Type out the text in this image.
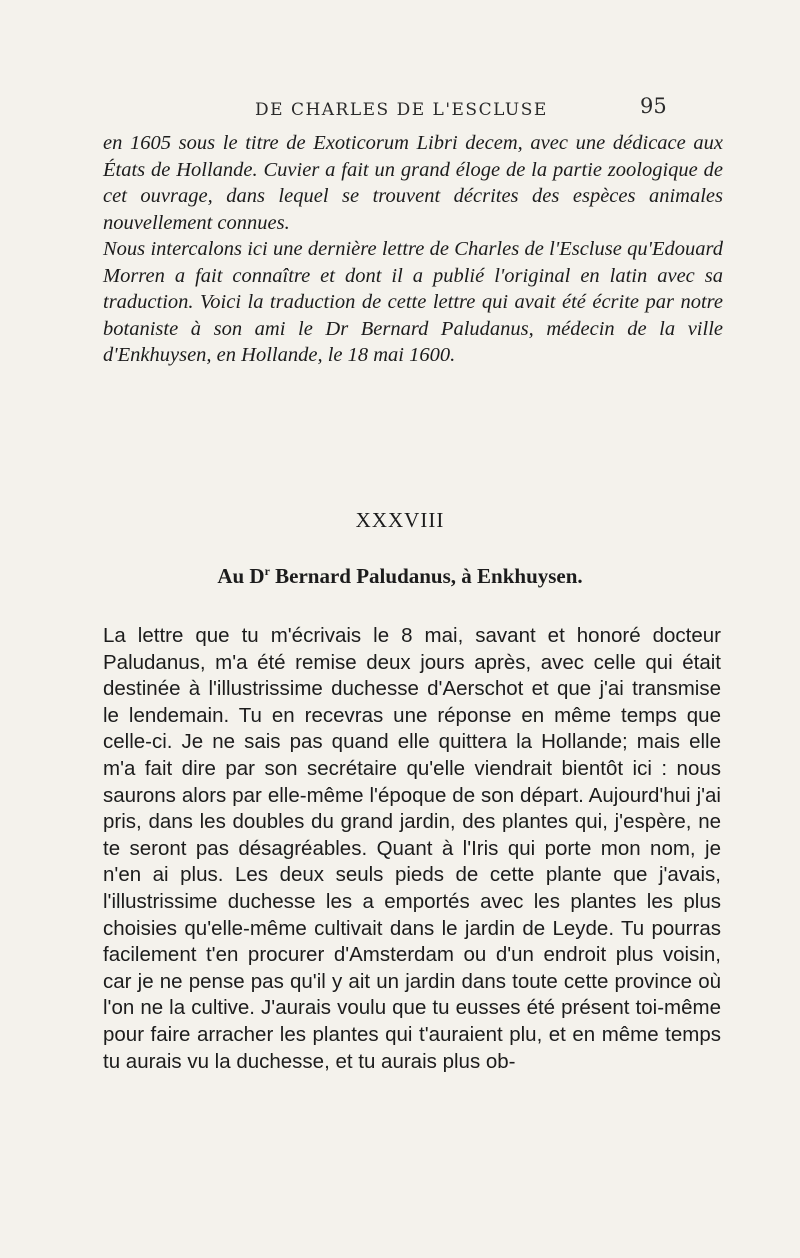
DE CHARLES DE L'ESCLUSE	95

en 1605 sous le titre de Exoticorum Libri decem, avec une dédicace aux États de Hollande. Cuvier a fait un grand éloge de la partie zoologique de cet ouvrage, dans lequel se trouvent décrites des espèces animales nouvellement connues.

Nous intercalons ici une dernière lettre de Charles de l'Escluse qu'Edouard Morren a fait connaître et dont il a publié l'original en latin avec sa traduction. Voici la traduction de cette lettre qui avait été écrite par notre botaniste à son ami le Dr Bernard Paludanus, médecin de la ville d'Enkhuysen, en Hollande, le 18 mai 1600.

XXXVIII
Au $D^r$ Bernard Paludanus, à Enkhuysen.

La lettre que tu m'écrivais le 8 mai, savant et honoré docteur Paludanus, m'a été remise deux jours après, avec celle qui était destinée à l'illustrissime duchesse d'Aerschot et que j'ai transmise le lendemain. Tu en recevras une réponse en même temps que celle-ci. Je ne sais pas quand elle quittera la Hollande; mais elle m'a fait dire par son secrétaire qu'elle viendrait bientôt ici : nous saurons alors par elle-même l'époque de son départ. Aujourd'hui j'ai pris, dans les doubles du grand jardin, des plantes qui, j'espère, ne te seront pas désagréables. Quant à l'Iris qui porte mon nom, je n'en ai plus. Les deux seuls pieds de cette plante que j'avais, l'illustrissime duchesse les a emportés avec les plantes les plus choisies qu'elle-même cultivait dans le jardin de Leyde. Tu pourras facilement t'en procurer d'Amsterdam ou d'un endroit plus voisin, car je ne pense pas qu'il y ait un jardin dans toute cette province où l'on ne la cultive. J'aurais voulu que tu eusses été présent toi-même pour faire arracher les plantes qui t'auraient plu, et en même temps tu aurais vu la duchesse, et tu aurais plus ob-
